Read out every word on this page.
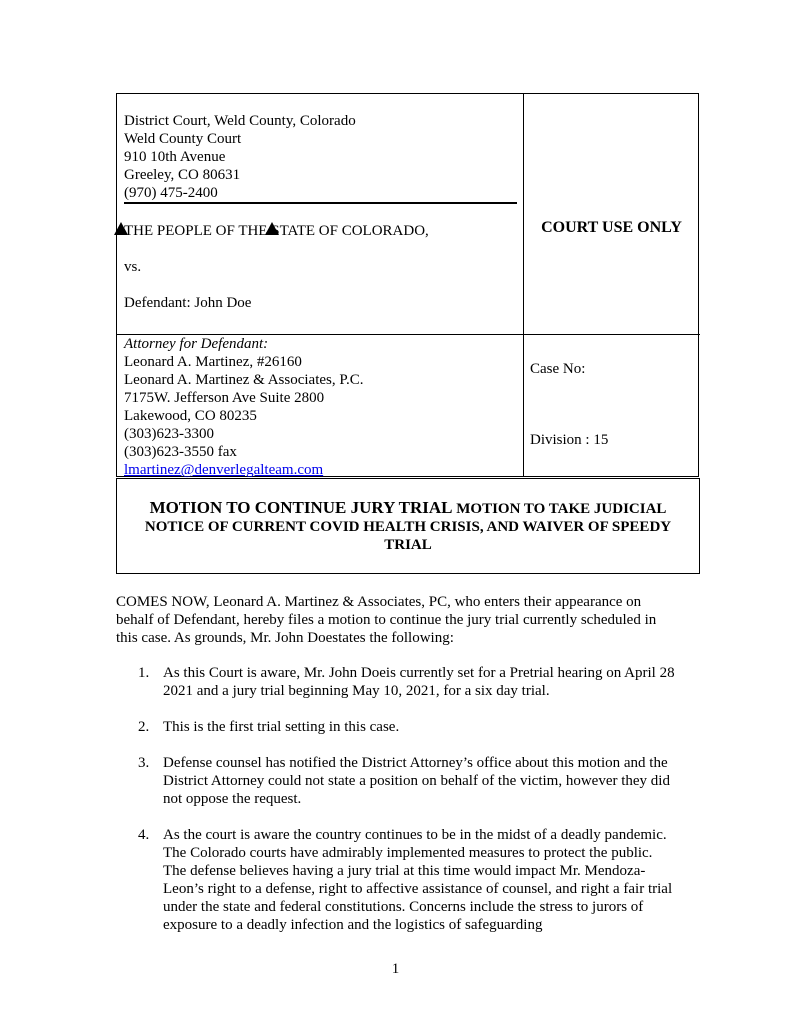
District Court, Weld County, Colorado
Weld County Court
910 10th Avenue
Greeley, CO 80631
(970) 475-2400

THE PEOPLE OF THE STATE OF COLORADO,

vs.

Defendant: John Doe

COURT USE ONLY
Attorney for Defendant:
Leonard A. Martinez, #26160
Leonard A. Martinez & Associates, P.C.
7175W. Jefferson Ave Suite 2800
Lakewood, CO 80235
(303)623-3300
(303)623-3550 fax
lmartinez@denverlegalteam.com
Case No:
Division : 15
MOTION TO CONTINUE JURY TRIAL MOTION TO TAKE JUDICIAL NOTICE OF CURRENT COVID HEALTH CRISIS, AND WAIVER OF SPEEDY TRIAL
COMES NOW, Leonard A. Martinez & Associates, PC, who enters their appearance on behalf of Defendant, hereby files a motion to continue the jury trial currently scheduled in this case. As grounds, Mr. John Doestates the following:
1. As this Court is aware, Mr. John Doeis currently set for a Pretrial hearing on April 28 2021 and a jury trial beginning May 10, 2021, for a six day trial.
2. This is the first trial setting in this case.
3. Defense counsel has notified the District Attorney’s office about this motion and the District Attorney could not state a position on behalf of the victim, however they did not oppose the request.
4. As the court is aware the country continues to be in the midst of a deadly pandemic. The Colorado courts have admirably implemented measures to protect the public. The defense believes having a jury trial at this time would impact Mr. Mendoza-Leon’s right to a defense, right to affective assistance of counsel, and right a fair trial under the state and federal constitutions. Concerns include the stress to jurors of exposure to a deadly infection and the logistics of safeguarding
1
